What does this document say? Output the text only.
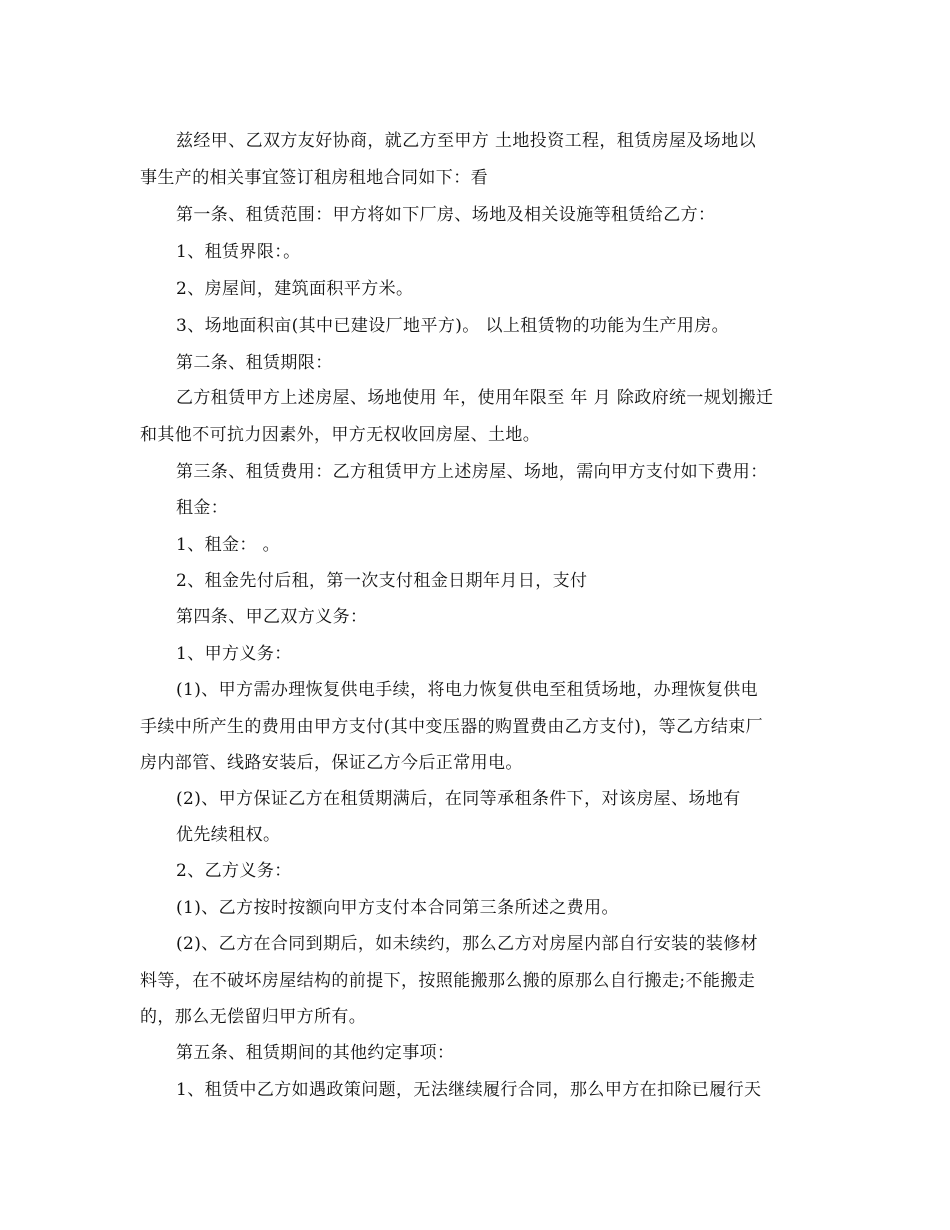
兹经甲、乙双方友好协商，就乙方至甲方 土地投资工程，租赁房屋及场地以
事生产的相关事宜签订租房租地合同如下：看
第一条、租赁范围：甲方将如下厂房、场地及相关设施等租赁给乙方：
1、租赁界限：。
2、房屋间，建筑面积平方米。
3、场地面积亩(其中已建设厂地平方)。 以上租赁物的功能为生产用房。
第二条、租赁期限：
乙方租赁甲方上述房屋、场地使用 年，使用年限至 年 月 除政府统一规划搬迁
和其他不可抗力因素外，甲方无权收回房屋、土地。
第三条、租赁费用：乙方租赁甲方上述房屋、场地，需向甲方支付如下费用：
租金：
1、租金： 。
2、租金先付后租，第一次支付租金日期年月日，支付
第四条、甲乙双方义务：
1、甲方义务：
(1)、甲方需办理恢复供电手续，将电力恢复供电至租赁场地，办理恢复供电
手续中所产生的费用由甲方支付(其中变压器的购置费由乙方支付)，等乙方结束厂
房内部管、线路安装后，保证乙方今后正常用电。
(2)、甲方保证乙方在租赁期满后，在同等承租条件下，对该房屋、场地有
优先续租权。
2、乙方义务：
(1)、乙方按时按额向甲方支付本合同第三条所述之费用。
(2)、乙方在合同到期后，如未续约，那么乙方对房屋内部自行安装的装修材
料等，在不破坏房屋结构的前提下，按照能搬那么搬的原那么自行搬走;不能搬走
的，那么无偿留归甲方所有。
第五条、租赁期间的其他约定事项：
1、租赁中乙方如遇政策问题，无法继续履行合同，那么甲方在扣除已履行天
